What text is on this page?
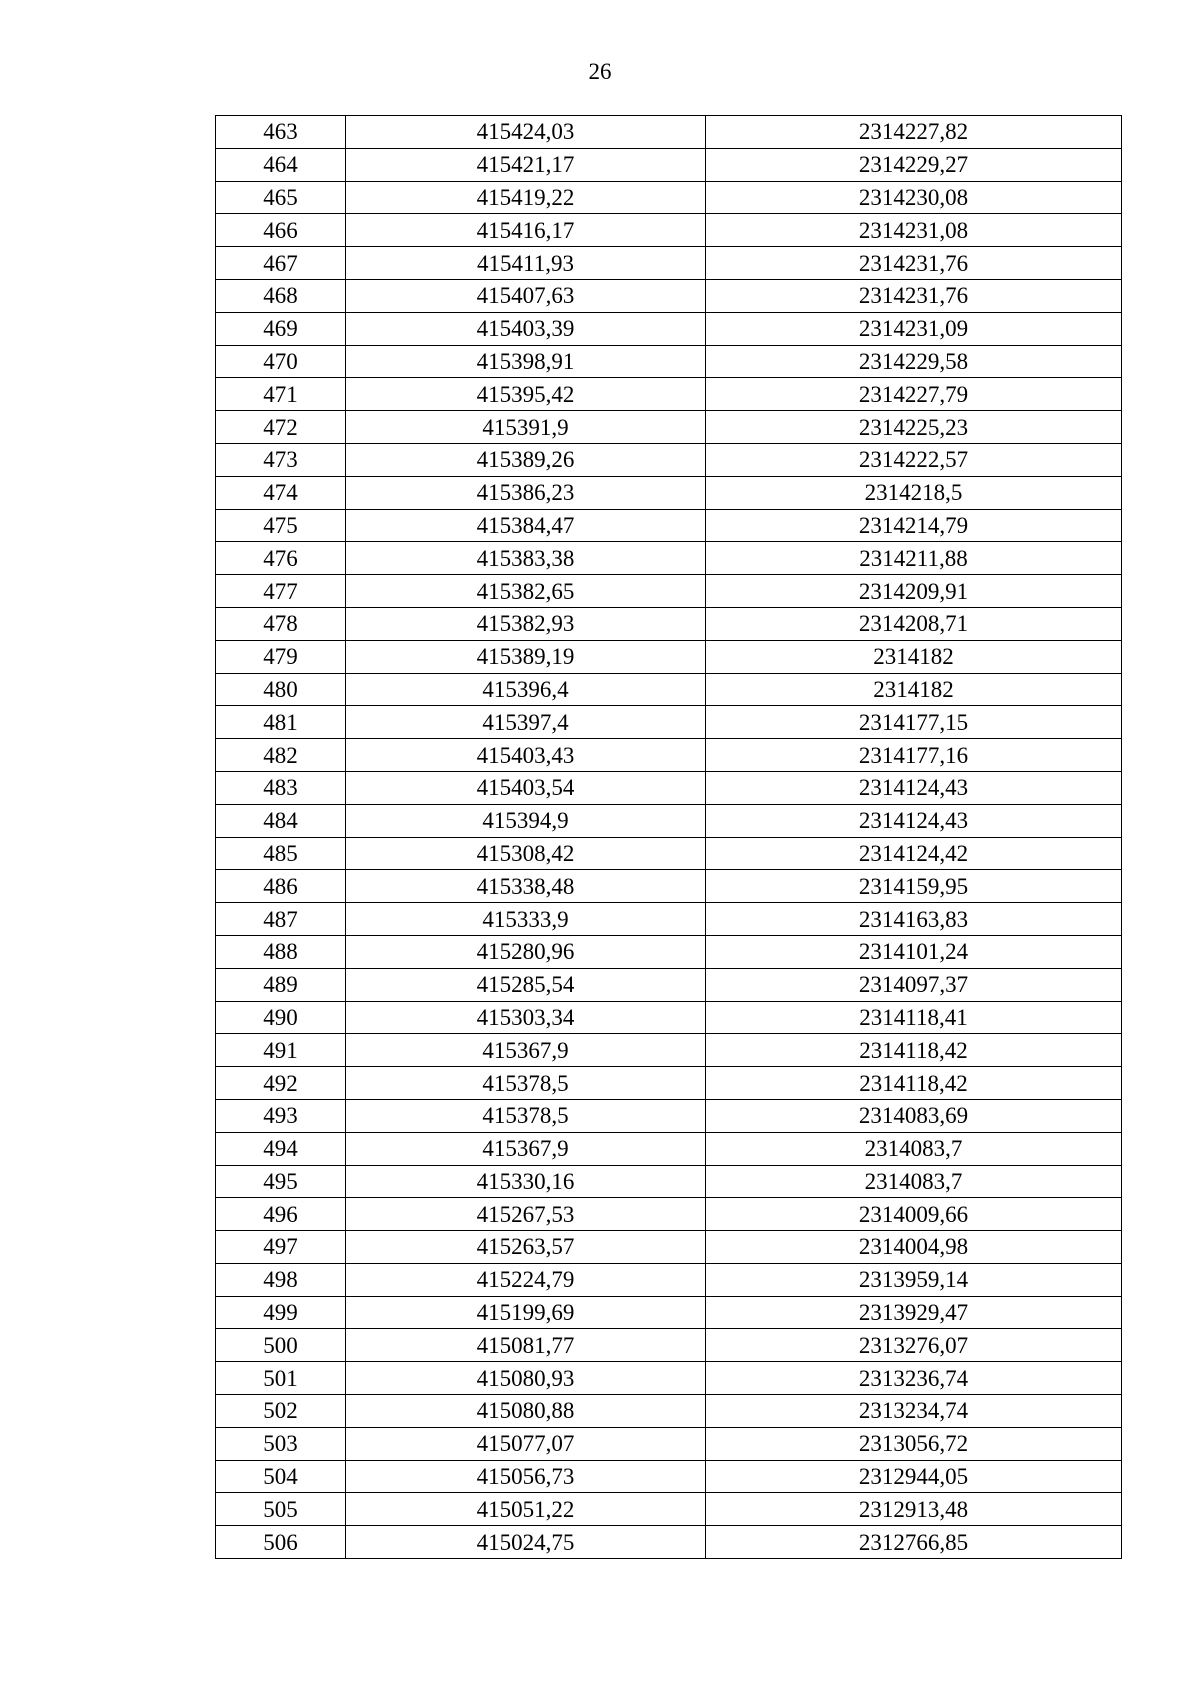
26
463	415424,03	2314227,82
464	415421,17	2314229,27
465	415419,22	2314230,08
466	415416,17	2314231,08
467	415411,93	2314231,76
468	415407,63	2314231,76
469	415403,39	2314231,09
470	415398,91	2314229,58
471	415395,42	2314227,79
472	415391,9	2314225,23
473	415389,26	2314222,57
474	415386,23	2314218,5
475	415384,47	2314214,79
476	415383,38	2314211,88
477	415382,65	2314209,91
478	415382,93	2314208,71
479	415389,19	2314182
480	415396,4	2314182
481	415397,4	2314177,15
482	415403,43	2314177,16
483	415403,54	2314124,43
484	415394,9	2314124,43
485	415308,42	2314124,42
486	415338,48	2314159,95
487	415333,9	2314163,83
488	415280,96	2314101,24
489	415285,54	2314097,37
490	415303,34	2314118,41
491	415367,9	2314118,42
492	415378,5	2314118,42
493	415378,5	2314083,69
494	415367,9	2314083,7
495	415330,16	2314083,7
496	415267,53	2314009,66
497	415263,57	2314004,98
498	415224,79	2313959,14
499	415199,69	2313929,47
500	415081,77	2313276,07
501	415080,93	2313236,74
502	415080,88	2313234,74
503	415077,07	2313056,72
504	415056,73	2312944,05
505	415051,22	2312913,48
506	415024,75	2312766,85
